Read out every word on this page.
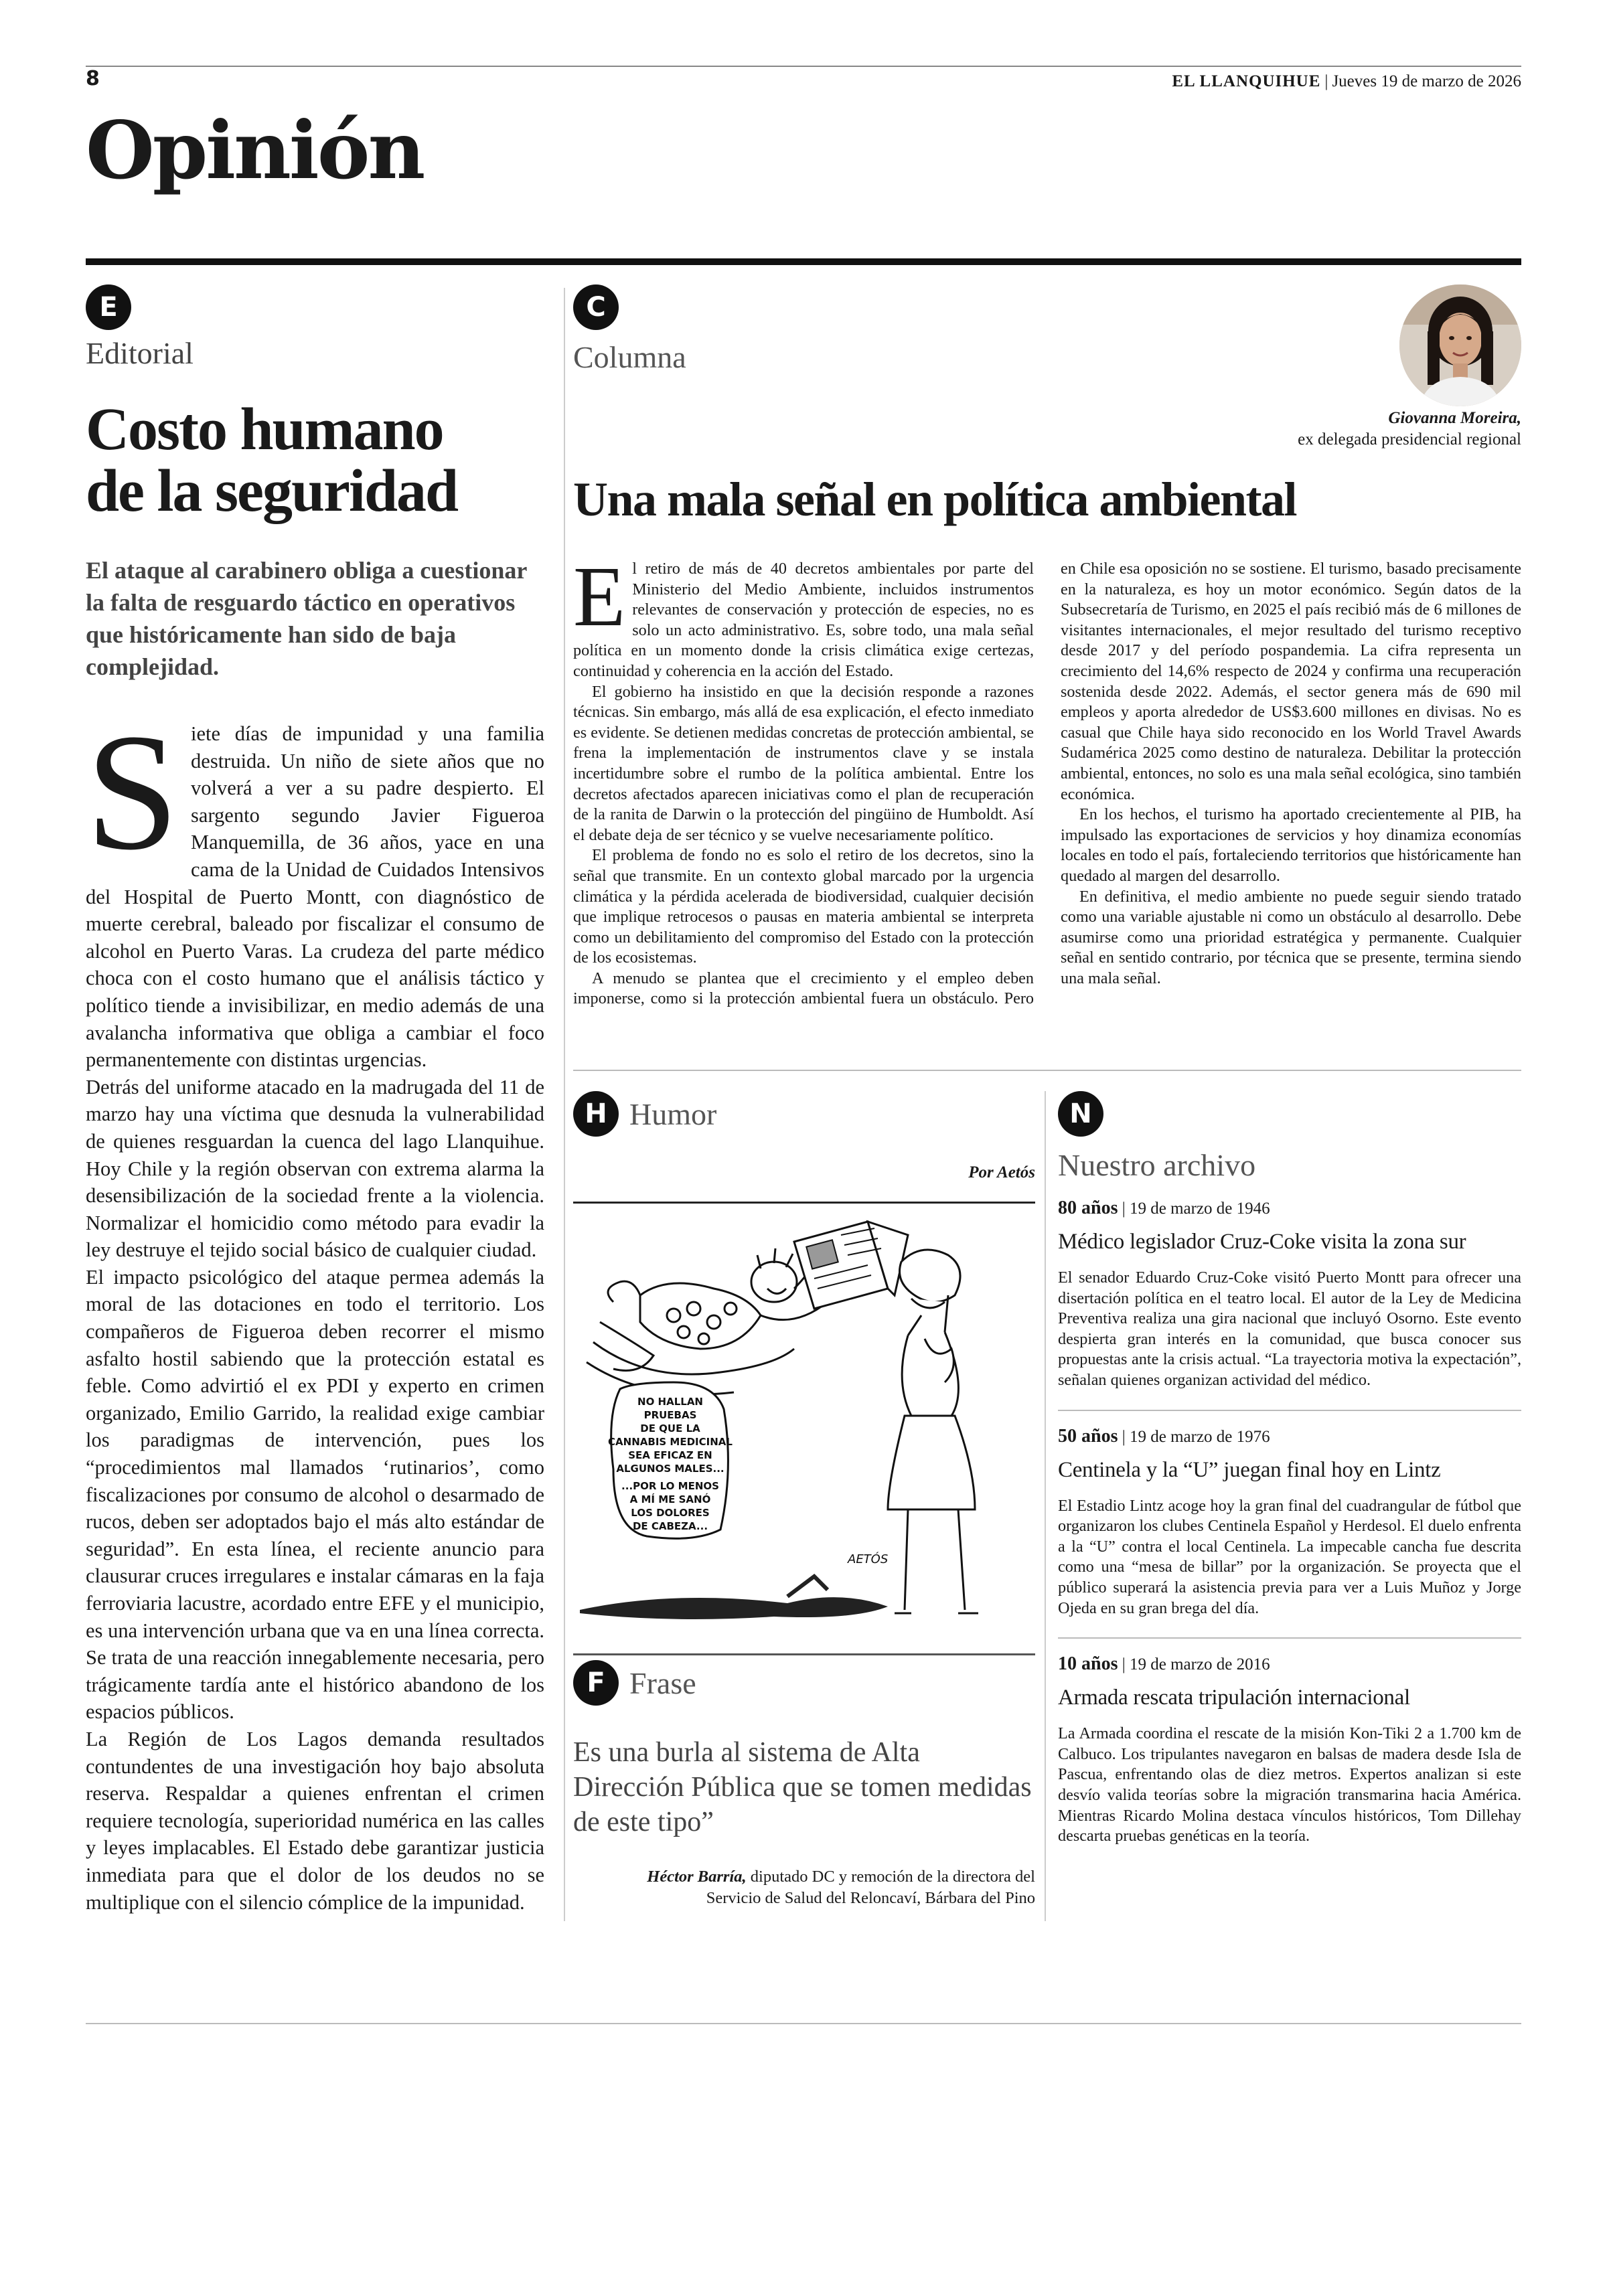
8	EL LLANQUIHUE | Jueves 19 de marzo de 2026
Opinión
E
Editorial
Costo humano
de la seguridad

El ataque al carabinero obliga a cuestionar la falta de resguardo táctico en operativos que históricamente han sido de baja complejidad.

Siete días de impunidad y una familia destruida. Un niño de siete años que no volverá a ver a su padre despierto. El sargento segundo Javier Figueroa Manquemilla, de 36 años, yace en una cama de la Unidad de Cuidados Intensivos del Hospital de Puerto Montt, con diagnóstico de muerte cerebral, baleado por fiscalizar el consumo de alcohol en Puerto Varas. La crudeza del parte médico choca con el costo humano que el análisis táctico y político tiende a invisibilizar, en medio además de una avalancha informativa que obliga a cambiar el foco permanentemente con distintas urgencias.

Detrás del uniforme atacado en la madrugada del 11 de marzo hay una víctima que desnuda la vulnerabilidad de quienes resguardan la cuenca del lago Llanquihue. Hoy Chile y la región observan con extrema alarma la desensibilización de la sociedad frente a la violencia. Normalizar el homicidio como método para evadir la ley destruye el tejido social básico de cualquier ciudad.

El impacto psicológico del ataque permea además la moral de las dotaciones en todo el territorio. Los compañeros de Figueroa deben recorrer el mismo asfalto hostil sabiendo que la protección estatal es feble. Como advirtió el ex PDI y experto en crimen organizado, Emilio Garrido, la realidad exige cambiar los paradigmas de intervención, pues los “procedimientos mal llamados ‘rutinarios’, como fiscalizaciones por consumo de alcohol o desarmado de rucos, deben ser adoptados bajo el más alto estándar de seguridad”. En esta línea, el reciente anuncio para clausurar cruces irregulares e instalar cámaras en la faja ferroviaria lacustre, acordado entre EFE y el municipio, es una intervención urbana que va en una línea correcta. Se trata de una reacción innegablemente necesaria, pero trágicamente tardía ante el histórico abandono de los espacios públicos.

La Región de Los Lagos demanda resultados contundentes de una investigación hoy bajo absoluta reserva. Respaldar a quienes enfrentan el crimen requiere tecnología, superioridad numérica en las calles y leyes implacables. El Estado debe garantizar justicia inmediata para que el dolor de los deudos no se multiplique con el silencio cómplice de la impunidad.

C
Columna
Giovanna Moreira,
ex delegada presidencial regional
Una mala señal en política ambiental

El retiro de más de 40 decretos ambientales por parte del Ministerio del Medio Ambiente, incluidos instrumentos relevantes de conservación y protección de especies, no es solo un acto administrativo. Es, sobre todo, una mala señal política en un momento donde la crisis climática exige certezas, continuidad y coherencia en la acción del Estado.

El gobierno ha insistido en que la decisión responde a razones técnicas. Sin embargo, más allá de esa explicación, el efecto inmediato es evidente. Se detienen medidas concretas de protección ambiental, se frena la implementación de instrumentos clave y se instala incertidumbre sobre el rumbo de la política ambiental. Entre los decretos afectados aparecen iniciativas como el plan de recuperación de la ranita de Darwin o la protección del pingüino de Humboldt. Así el debate deja de ser técnico y se vuelve necesariamente político.

El problema de fondo no es solo el retiro de los decretos, sino la señal que transmite. En un contexto global marcado por la urgencia climática y la pérdida acelerada de biodiversidad, cualquier decisión que implique retrocesos o pausas en materia ambiental se interpreta como un debilitamiento del compromiso del Estado con la protección de los ecosistemas.

A menudo se plantea que el crecimiento y el empleo deben imponerse, como si la protección ambiental fuera un obstáculo. Pero en Chile esa oposición no se sostiene. El turismo, basado precisamente en la naturaleza, es hoy un motor económico. Según datos de la Subsecretaría de Turismo, en 2025 el país recibió más de 6 millones de visitantes internacionales, el mejor resultado del turismo receptivo desde 2017 y del período pospandemia. La cifra representa un crecimiento del 14,6% respecto de 2024 y confirma una recuperación sostenida desde 2022. Además, el sector genera más de 690 mil empleos y aporta alrededor de US$3.600 millones en divisas. No es casual que Chile haya sido reconocido en los World Travel Awards Sudamérica 2025 como destino de naturaleza. Debilitar la protección ambiental, entonces, no solo es una mala señal ecológica, sino también económica.

En los hechos, el turismo ha aportado crecientemente al PIB, ha impulsado las exportaciones de servicios y hoy dinamiza economías locales en todo el país, fortaleciendo territorios que históricamente han quedado al margen del desarrollo.

En definitiva, el medio ambiente no puede seguir siendo tratado como una variable ajustable ni como un obstáculo al desarrollo. Debe asumirse como una prioridad estratégica y permanente. Cualquier señal en sentido contrario, por técnica que se presente, termina siendo una mala señal.

H Humor
Por Aetós
NO HALLAN
PRUEBAS
DE QUE LA
CANNABIS MEDICINAL
SEA EFICAZ EN
ALGUNOS MALES...
...POR LO MENOS
A MÍ ME SANÓ
LOS DOLORES
DE CABEZA...
AETÓS
F Frase

Es una burla al sistema de Alta Dirección Pública que se tomen medidas de este tipo”

Héctor Barría, diputado DC y remoción de la directora del
Servicio de Salud del Reloncaví, Bárbara del Pino

N
Nuestro archivo
80 años | 19 de marzo de 1946
Médico legislador Cruz-Coke visita la zona sur

El senador Eduardo Cruz-Coke visitó Puerto Montt para ofrecer una disertación política en el teatro local. El autor de la Ley de Medicina Preventiva realiza una gira nacional que incluyó Osorno. Este evento despierta gran interés en la comunidad, que busca conocer sus propuestas ante la crisis actual. “La trayectoria motiva la expectación”, señalan quienes organizan actividad del médico.

50 años | 19 de marzo de 1976
Centinela y la “U” juegan final hoy en Lintz

El Estadio Lintz acoge hoy la gran final del cuadrangular de fútbol que organizaron los clubes Centinela Español y Herdesol. El duelo enfrenta a la “U” contra el local Centinela. La impecable cancha fue descrita como una “mesa de billar” por la organización. Se proyecta que el público superará la asistencia previa para ver a Luis Muñoz y Jorge Ojeda en su gran brega del día.

10 años | 19 de marzo de 2016
Armada rescata tripulación internacional

La Armada coordina el rescate de la misión Kon-Tiki 2 a 1.700 km de Calbuco. Los tripulantes navegaron en balsas de madera desde Isla de Pascua, enfrentando olas de diez metros. Expertos analizan si este desvío valida teorías sobre la migración transmarina hacia América. Mientras Ricardo Molina destaca vínculos históricos, Tom Dillehay descarta pruebas genéticas en la teoría.
